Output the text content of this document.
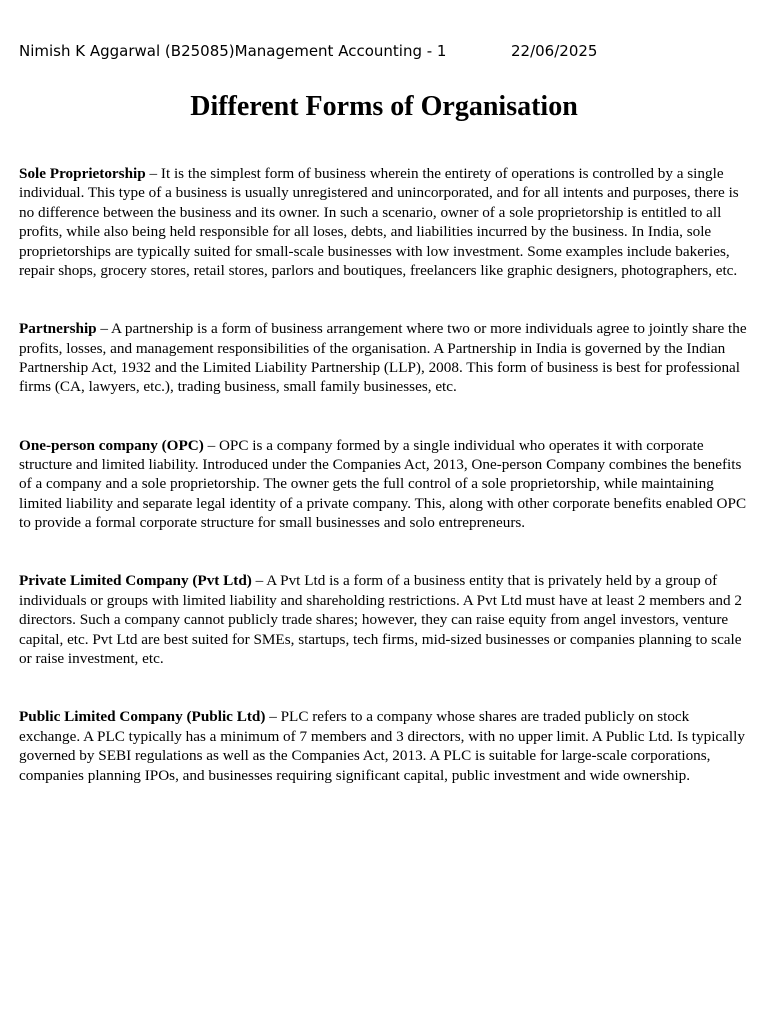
Nimish K Aggarwal (B25085)Management Accounting - 1	22/06/2025
Different Forms of Organisation

Sole Proprietorship – It is the simplest form of business wherein the entirety of operations is controlled by a single individual. This type of a business is usually unregistered and unincorporated, and for all intents and purposes, there is no difference between the business and its owner. In such a scenario, owner of a sole proprietorship is entitled to all profits, while also being held responsible for all loses, debts, and liabilities incurred by the business. In India, sole proprietorships are typically suited for small-scale businesses with low investment. Some examples include bakeries, repair shops, grocery stores, retail stores, parlors and boutiques, freelancers like graphic designers, photographers, etc.

Partnership – A partnership is a form of business arrangement where two or more individuals agree to jointly share the profits, losses, and management responsibilities of the organisation. A Partnership in India is governed by the Indian Partnership Act, 1932 and the Limited Liability Partnership (LLP), 2008. This form of business is best for professional firms (CA, lawyers, etc.), trading business, small family businesses, etc.

One-person company (OPC) – OPC is a company formed by a single individual who operates it with corporate structure and limited liability. Introduced under the Companies Act, 2013, One-person Company combines the benefits of a company and a sole proprietorship. The owner gets the full control of a sole proprietorship, while maintaining limited liability and separate legal identity of a private company. This, along with other corporate benefits enabled OPC to provide a formal corporate structure for small businesses and solo entrepreneurs.

Private Limited Company (Pvt Ltd) – A Pvt Ltd is a form of a business entity that is privately held by a group of individuals or groups with limited liability and shareholding restrictions. A Pvt Ltd must have at least 2 members and 2 directors. Such a company cannot publicly trade shares; however, they can raise equity from angel investors, venture capital, etc. Pvt Ltd are best suited for SMEs, startups, tech firms, mid-sized businesses or companies planning to scale or raise investment, etc.

Public Limited Company (Public Ltd) – PLC refers to a company whose shares are traded publicly on stock exchange. A PLC typically has a minimum of 7 members and 3 directors, with no upper limit. A Public Ltd. Is typically governed by SEBI regulations as well as the Companies Act, 2013. A PLC is suitable for large-scale corporations, companies planning IPOs, and businesses requiring significant capital, public investment and wide ownership.
